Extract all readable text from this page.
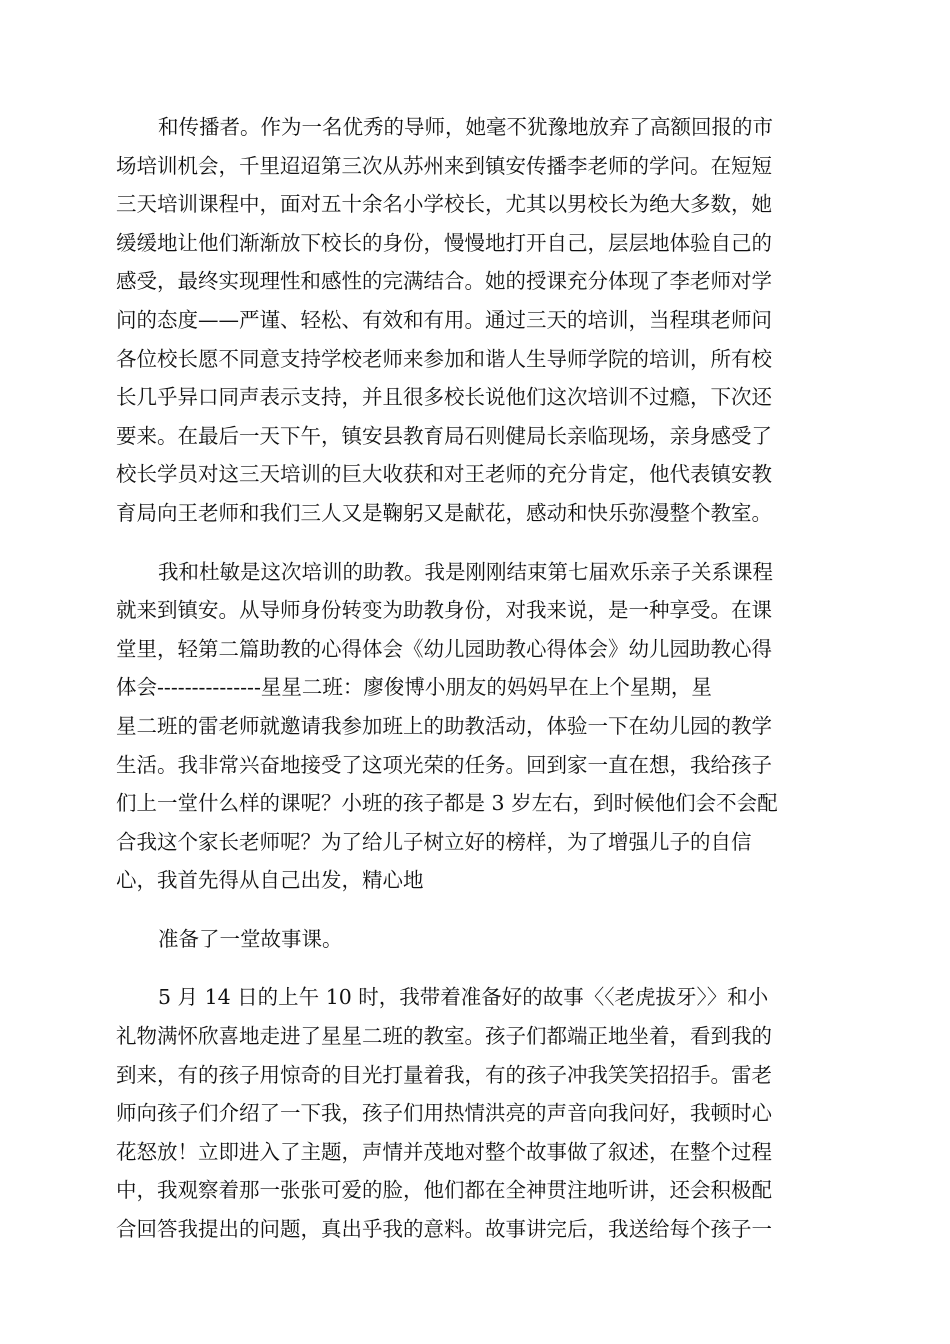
和传播者。作为一名优秀的导师，她毫不犹豫地放弃了高额回报的市
场培训机会，千里迢迢第三次从苏州来到镇安传播李老师的学问。在短短
三天培训课程中，面对五十余名小学校长，尤其以男校长为绝大多数，她
缓缓地让他们渐渐放下校长的身份，慢慢地打开自己，层层地体验自己的
感受，最终实现理性和感性的完满结合。她的授课充分体现了李老师对学
问的态度——严谨、轻松、有效和有用。通过三天的培训，当程琪老师问
各位校长愿不同意支持学校老师来参加和谐人生导师学院的培训，所有校
长几乎异口同声表示支持，并且很多校长说他们这次培训不过瘾，下次还
要来。在最后一天下午，镇安县教育局石则健局长亲临现场，亲身感受了
校长学员对这三天培训的巨大收获和对王老师的充分肯定，他代表镇安教
育局向王老师和我们三人又是鞠躬又是献花，感动和快乐弥漫整个教室。
我和杜敏是这次培训的助教。我是刚刚结束第七届欢乐亲子关系课程
就来到镇安。从导师身份转变为助教身份，对我来说，是一种享受。在课
堂里，轻第二篇助教的心得体会《幼儿园助教心得体会》幼儿园助教心得
体会---------------星星二班：廖俊博小朋友的妈妈早在上个星期，星
星二班的雷老师就邀请我参加班上的助教活动，体验一下在幼儿园的教学
生活。我非常兴奋地接受了这项光荣的任务。回到家一直在想，我给孩子
们上一堂什么样的课呢？小班的孩子都是 3 岁左右，到时候他们会不会配
合我这个家长老师呢？为了给儿子树立好的榜样，为了增强儿子的自信
心，我首先得从自己出发，精心地
准备了一堂故事课。
5 月 14 日的上午 10 时，我带着准备好的故事〈〈老虎拔牙〉〉和小
礼物满怀欣喜地走进了星星二班的教室。孩子们都端正地坐着，看到我的
到来，有的孩子用惊奇的目光打量着我，有的孩子冲我笑笑招招手。雷老
师向孩子们介绍了一下我，孩子们用热情洪亮的声音向我问好，我顿时心
花怒放！立即进入了主题，声情并茂地对整个故事做了叙述，在整个过程
中，我观察着那一张张可爱的脸，他们都在全神贯注地听讲，还会积极配
合回答我提出的问题，真出乎我的意料。故事讲完后，我送给每个孩子一
